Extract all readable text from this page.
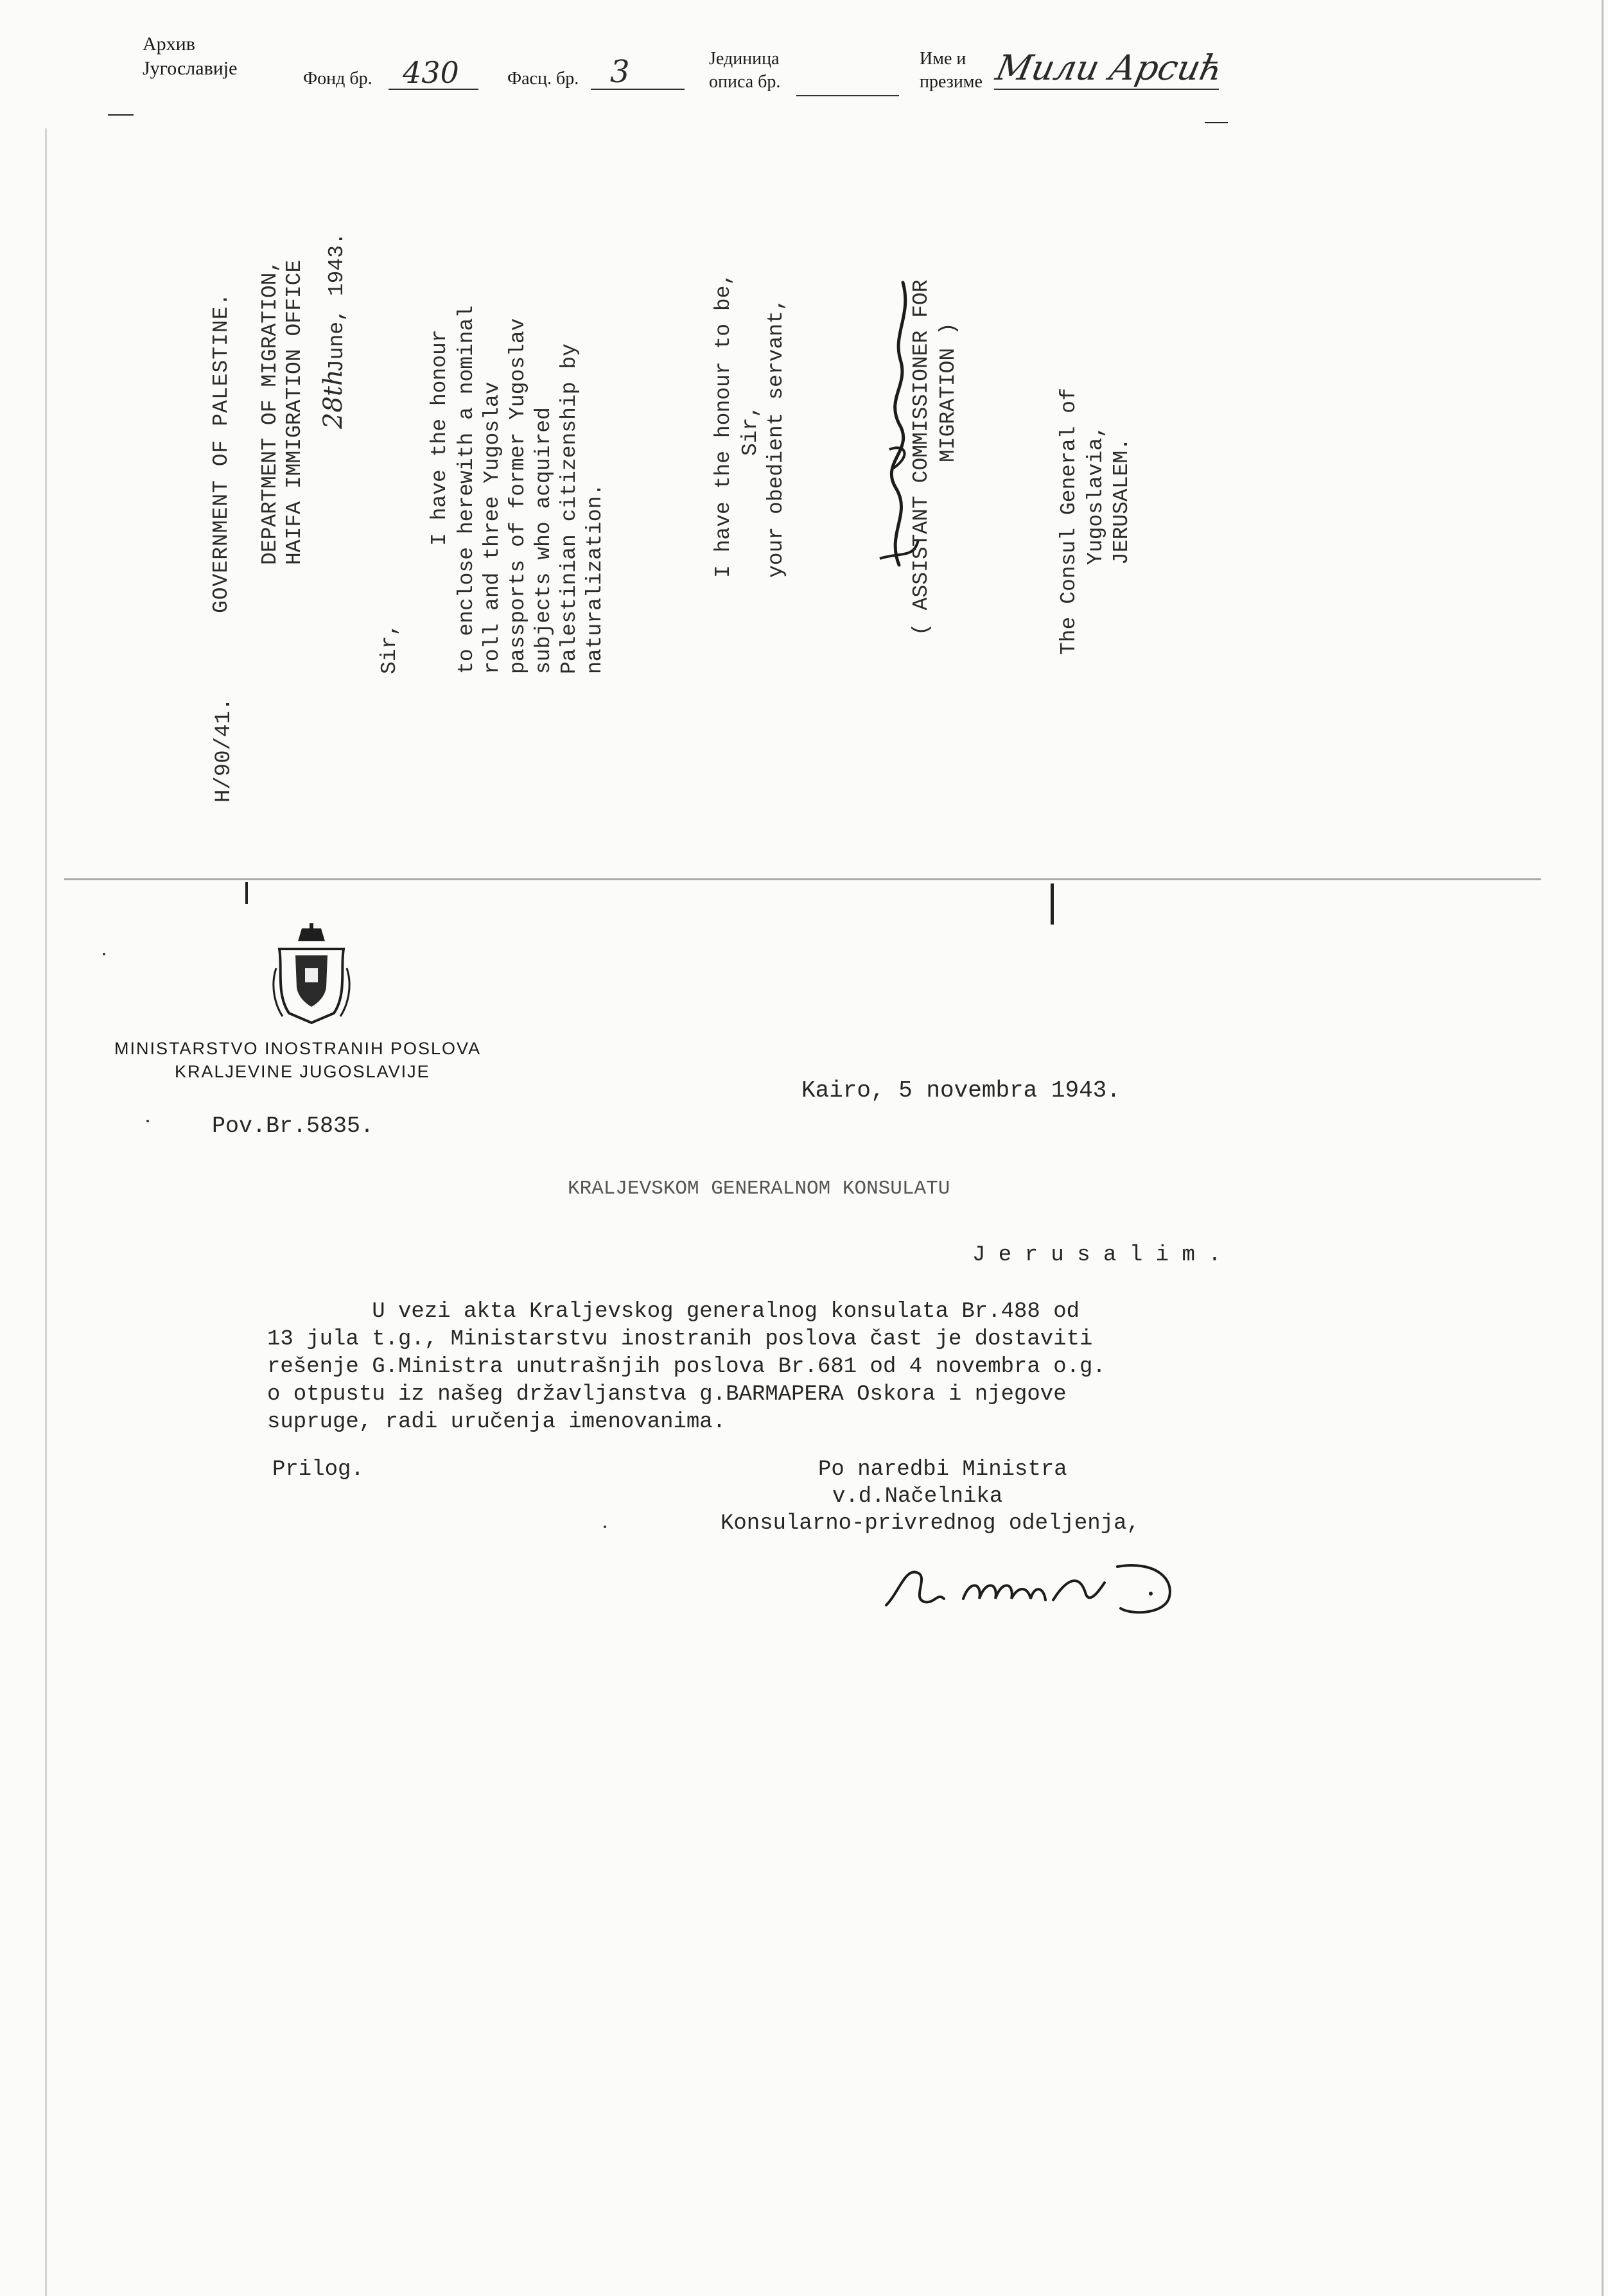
Архив
Југославије	Фонд бр. 430	Фасц. бр. 3	Јединица
описа бр.
Име и
презиме Мили Арсић
H/90/41.
GOVERNMENT OF PALESTINE. DEPARTMENT OF MIGRATION, HAIFA IMMIGRATION OFFICE 28th
June, 1943.
Sir,
I have the honour to enclose herewith a nominal roll and three Yugoslav passports of former Yugoslav subjects who acquired Palestinian citizenship by naturalization.
I have the honour to be, Sir, your obedient servant,	( ASSISTANT COMMISSIONER FOR MIGRATION )	The Consul General of Yugoslavia, JERUSALEM.
MINISTARSTVO INOSTRANIH POSLOVA
KRALJEVINE JUGOSLAVIJE
Kairo, 5 novembra 1943.
Pov.Br.5835.
KRALJEVSKOM GENERALNOM KONSULATU
J e r u s a l i m .
U vezi akta Kraljevskog generalnog konsulata Br.488 od
13 jula t.g., Ministarstvu inostranih poslova čast je dostaviti
rešenje G.Ministra unutrašnjih poslova Br.681 od 4 novembra o.g.
o otpustu iz našeg državljanstva g.BARMAPERA Oskora i njegove
supruge, radi uručenja imenovanima.
Prilog.	Po naredbi Ministra
v.d.Načelnika
Konsularno-privrednog odeljenja,
